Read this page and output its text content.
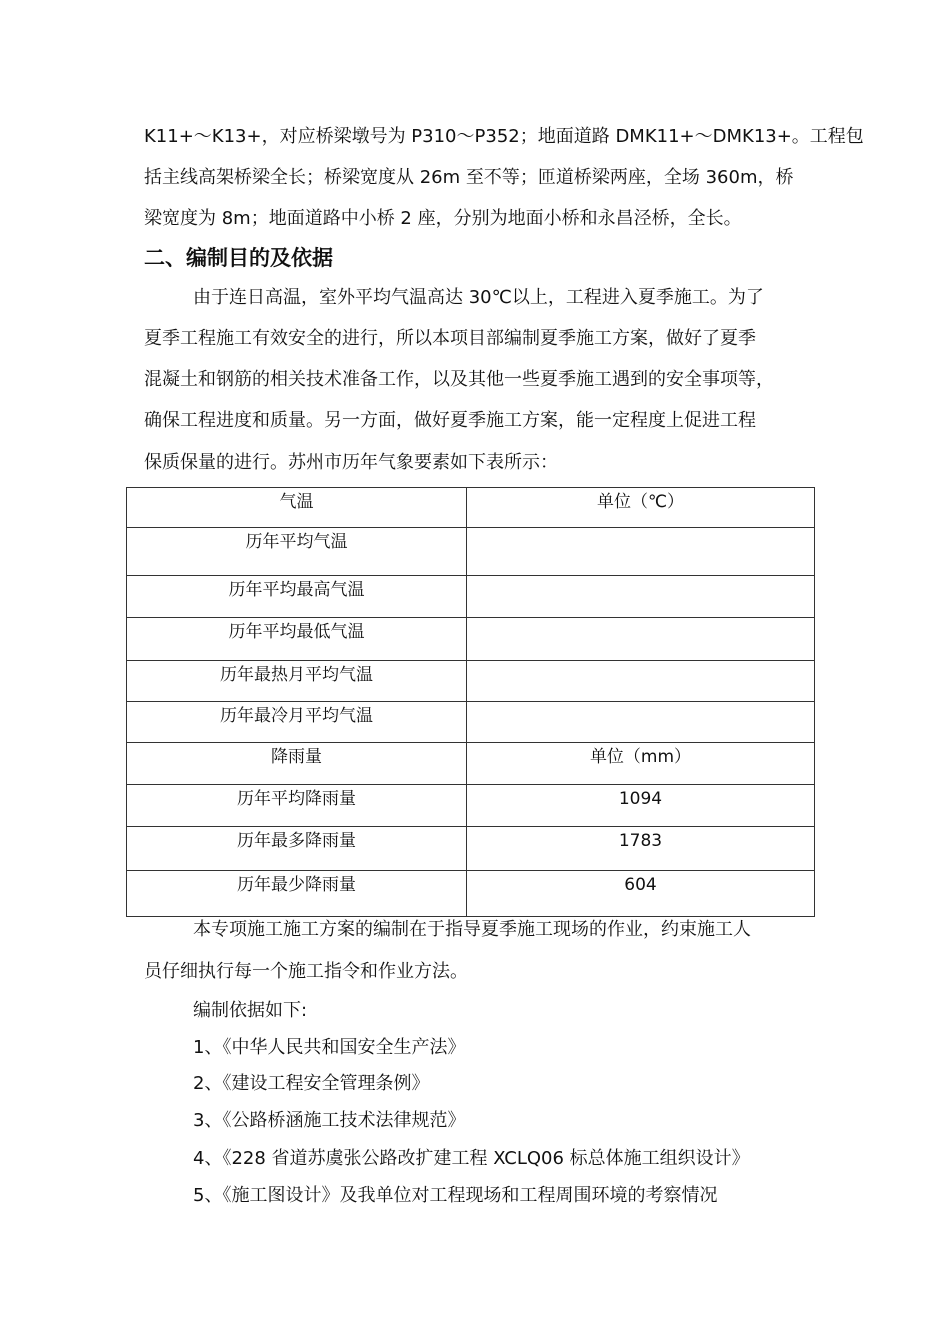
K11+～K13+，对应桥梁墩号为 P310～P352；地面道路 DMK11+～DMK13+。工程包
括主线高架桥梁全长；桥梁宽度从 26m 至不等；匝道桥梁两座，全场 360m，桥
梁宽度为 8m；地面道路中小桥 2 座，分别为地面小桥和永昌泾桥，全长。
二、编制目的及依据
由于连日高温，室外平均气温高达 30℃以上，工程进入夏季施工。为了
夏季工程施工有效安全的进行，所以本项目部编制夏季施工方案，做好了夏季
混凝土和钢筋的相关技术准备工作，以及其他一些夏季施工遇到的安全事项等，
确保工程进度和质量。另一方面，做好夏季施工方案，能一定程度上促进工程
保质保量的进行。苏州市历年气象要素如下表所示：
气温	单位（℃）

历年平均气温	

历年平均最高气温	

历年平均最低气温	

历年最热月平均气温	

历年最冷月平均气温	

降雨量	单位（mm）

历年平均降雨量	1094

历年最多降雨量	1783

历年最少降雨量	604
本专项施工施工方案的编制在于指导夏季施工现场的作业，约束施工人
员仔细执行每一个施工指令和作业方法。
编制依据如下:
1、《中华人民共和国安全生产法》
2、《建设工程安全管理条例》
3、《公路桥涵施工技术法律规范》
4、《228 省道苏虞张公路改扩建工程 XCLQ06 标总体施工组织设计》
5、《施工图设计》及我单位对工程现场和工程周围环境的考察情况
